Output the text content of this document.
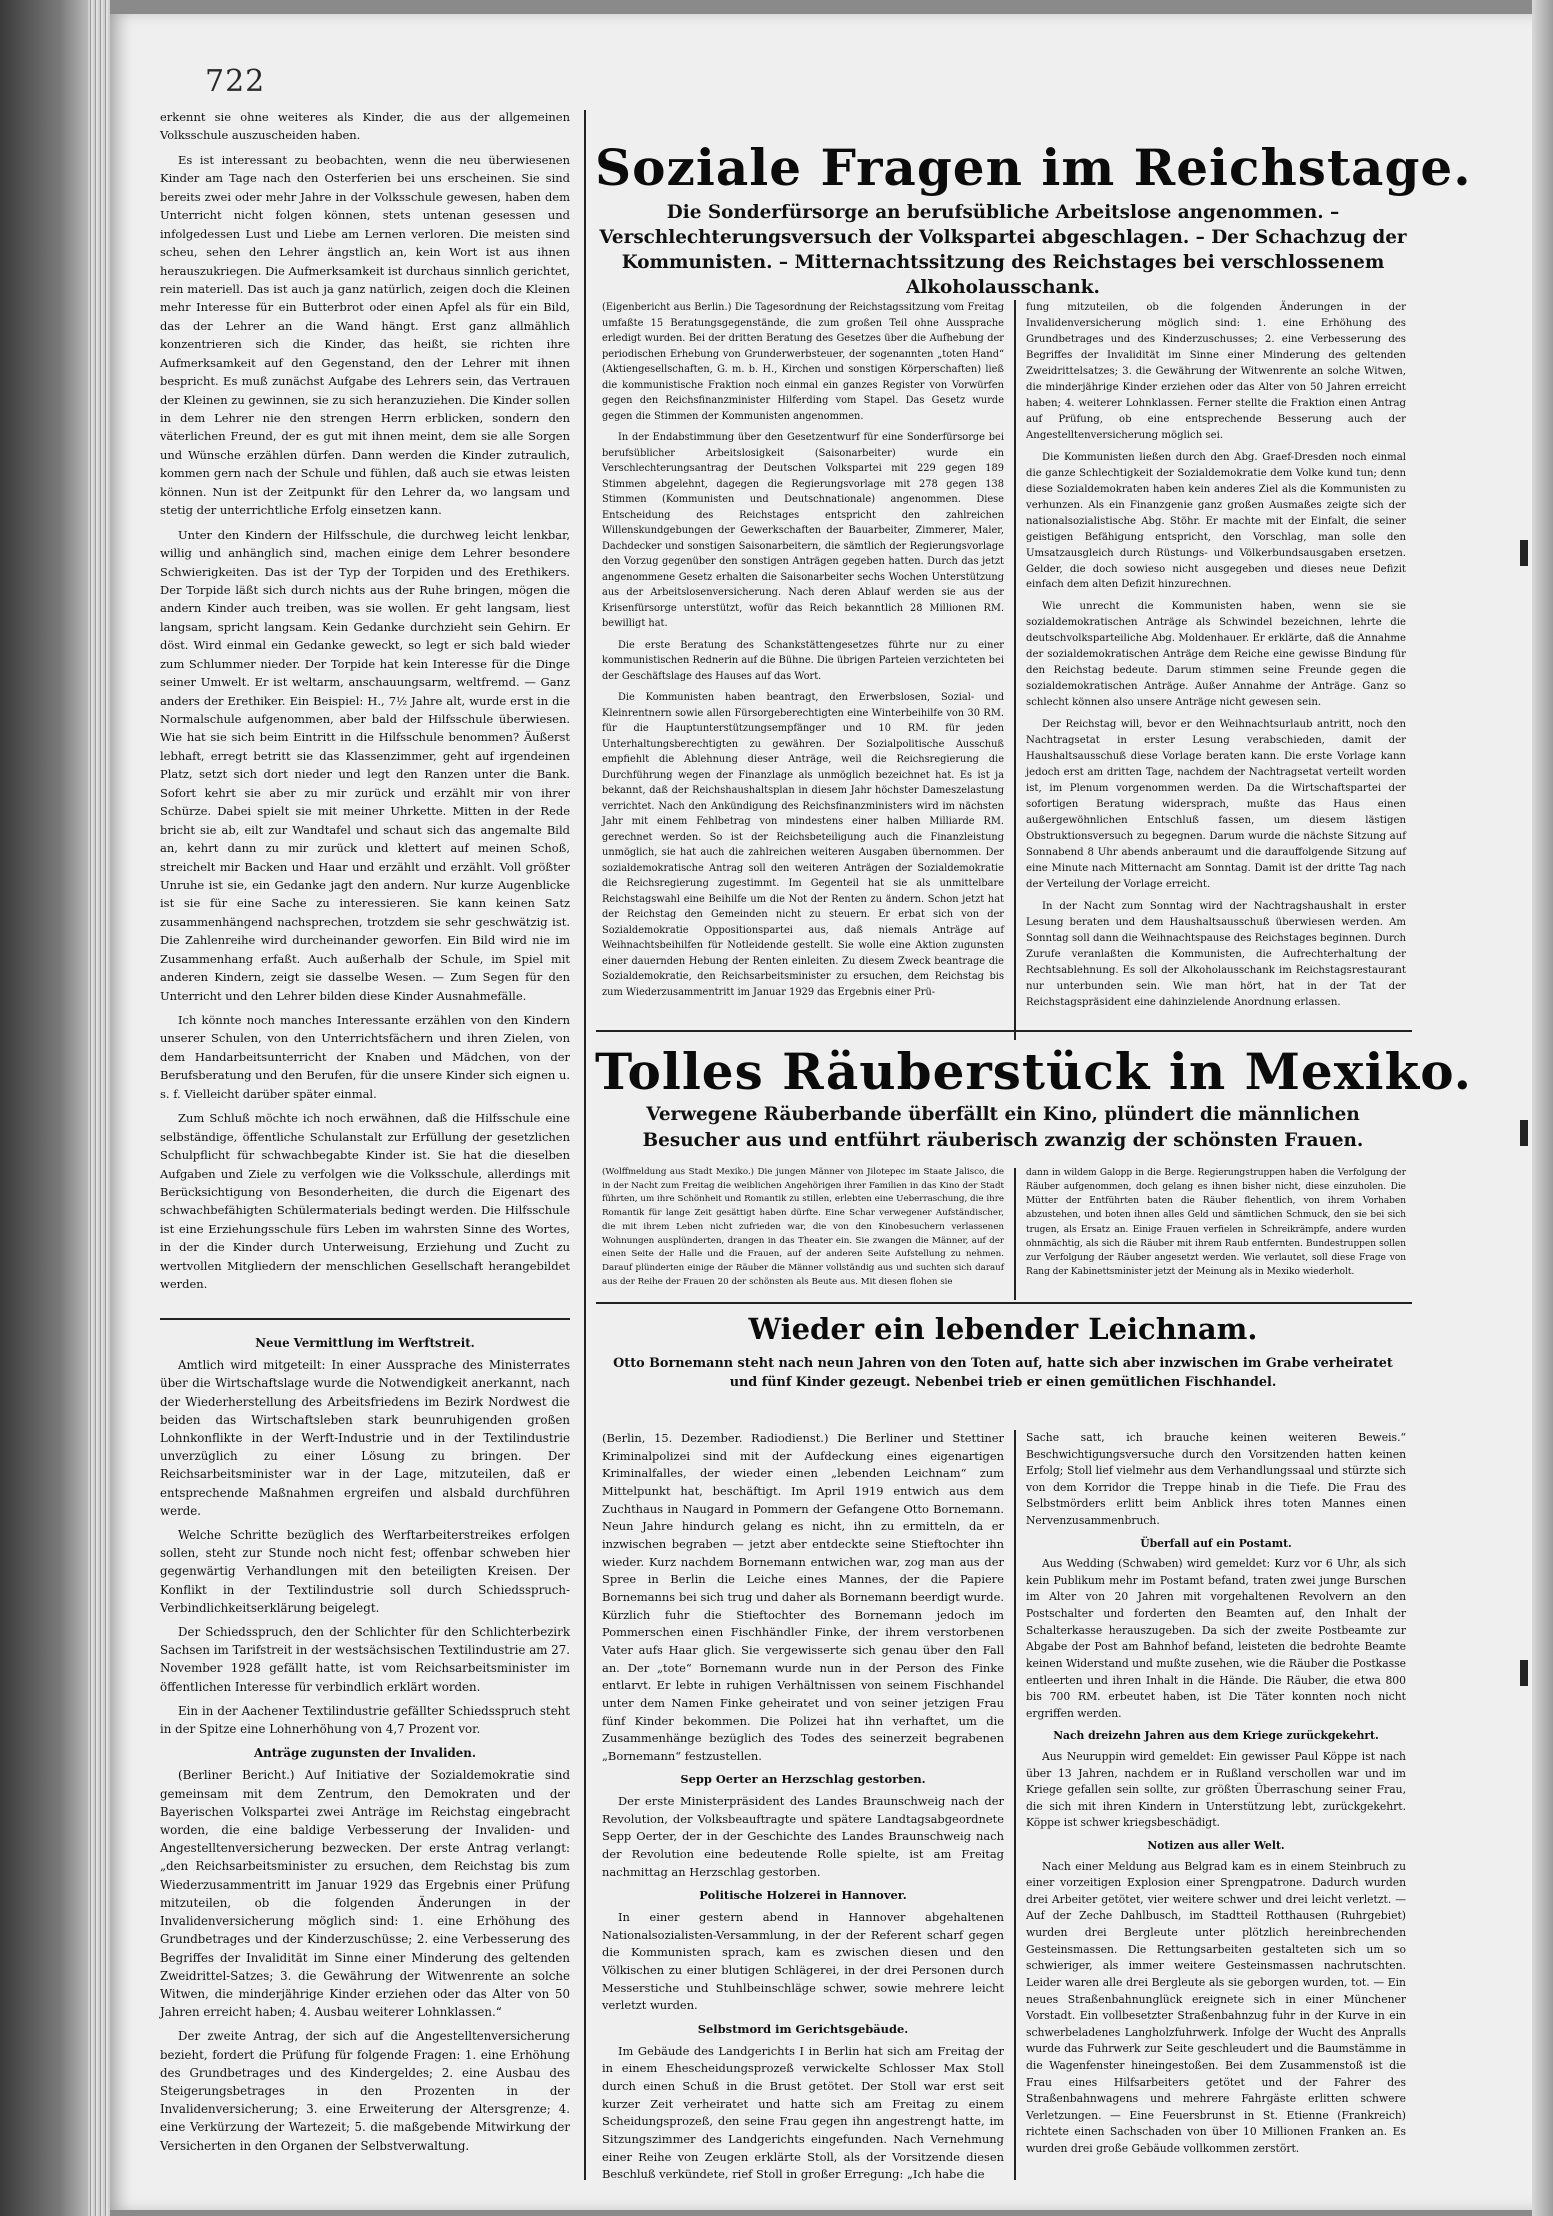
722

erkennt sie ohne weiteres als Kinder, die aus der allgemeinen Volksschule auszuscheiden haben.

Es ist interessant zu beobachten, wenn die neu überwiesenen Kinder am Tage nach den Osterferien bei uns erscheinen. Sie sind bereits zwei oder mehr Jahre in der Volksschule gewesen, haben dem Unterricht nicht folgen können, stets untenan gesessen und infolgedessen Lust und Liebe am Lernen verloren. Die meisten sind scheu, sehen den Lehrer ängstlich an, kein Wort ist aus ihnen herauszukriegen. Die Aufmerksamkeit ist durchaus sinnlich gerichtet, rein materiell. Das ist auch ja ganz natürlich, zeigen doch die Kleinen mehr Interesse für ein Butterbrot oder einen Apfel als für ein Bild, das der Lehrer an die Wand hängt. Erst ganz allmählich konzentrieren sich die Kinder, das heißt, sie richten ihre Aufmerksamkeit auf den Gegenstand, den der Lehrer mit ihnen bespricht. Es muß zunächst Aufgabe des Lehrers sein, das Vertrauen der Kleinen zu gewinnen, sie zu sich heranzuziehen. Die Kinder sollen in dem Lehrer nie den strengen Herrn erblicken, sondern den väterlichen Freund, der es gut mit ihnen meint, dem sie alle Sorgen und Wünsche erzählen dürfen. Dann werden die Kinder zutraulich, kommen gern nach der Schule und fühlen, daß auch sie etwas leisten können. Nun ist der Zeitpunkt für den Lehrer da, wo langsam und stetig der unterrichtliche Erfolg einsetzen kann.

Unter den Kindern der Hilfsschule, die durchweg leicht lenkbar, willig und anhänglich sind, machen einige dem Lehrer besondere Schwierigkeiten. Das ist der Typ der Torpiden und des Erethikers. Der Torpide läßt sich durch nichts aus der Ruhe bringen, mögen die andern Kinder auch treiben, was sie wollen. Er geht langsam, liest langsam, spricht langsam. Kein Gedanke durchzieht sein Gehirn. Er döst. Wird einmal ein Gedanke geweckt, so legt er sich bald wieder zum Schlummer nieder. Der Torpide hat kein Interesse für die Dinge seiner Umwelt. Er ist weltarm, anschauungsarm, weltfremd. — Ganz anders der Erethiker. Ein Beispiel: H., 7½ Jahre alt, wurde erst in die Normalschule aufgenommen, aber bald der Hilfsschule überwiesen. Wie hat sie sich beim Eintritt in die Hilfsschule benommen? Äußerst lebhaft, erregt betritt sie das Klassenzimmer, geht auf irgendeinen Platz, setzt sich dort nieder und legt den Ranzen unter die Bank. Sofort kehrt sie aber zu mir zurück und erzählt mir von ihrer Schürze. Dabei spielt sie mit meiner Uhrkette. Mitten in der Rede bricht sie ab, eilt zur Wandtafel und schaut sich das angemalte Bild an, kehrt dann zu mir zurück und klettert auf meinen Schoß, streichelt mir Backen und Haar und erzählt und erzählt. Voll größter Unruhe ist sie, ein Gedanke jagt den andern. Nur kurze Augenblicke ist sie für eine Sache zu interessieren. Sie kann keinen Satz zusammenhängend nachsprechen, trotzdem sie sehr geschwätzig ist. Die Zahlenreihe wird durcheinander geworfen. Ein Bild wird nie im Zusammenhang erfaßt. Auch außerhalb der Schule, im Spiel mit anderen Kindern, zeigt sie dasselbe Wesen. — Zum Segen für den Unterricht und den Lehrer bilden diese Kinder Ausnahmefälle.

Ich könnte noch manches Interessante erzählen von den Kindern unserer Schulen, von den Unterrichtsfächern und ihren Zielen, von dem Handarbeitsunterricht der Knaben und Mädchen, von der Berufsberatung und den Berufen, für die unsere Kinder sich eignen u. s. f. Vielleicht darüber später einmal.

Zum Schluß möchte ich noch erwähnen, daß die Hilfsschule eine selbständige, öffentliche Schulanstalt zur Erfüllung der gesetzlichen Schulpflicht für schwachbegabte Kinder ist. Sie hat die dieselben Aufgaben und Ziele zu verfolgen wie die Volksschule, allerdings mit Berücksichtigung von Besonderheiten, die durch die Eigenart des schwachbefähigten Schülermaterials bedingt werden. Die Hilfsschule ist eine Erziehungsschule fürs Leben im wahrsten Sinne des Wortes, in der die Kinder durch Unterweisung, Erziehung und Zucht zu wertvollen Mitgliedern der menschlichen Gesellschaft herangebildet werden.

Neue Vermittlung im Werftstreit.

Amtlich wird mitgeteilt: In einer Aussprache des Ministerrates über die Wirtschaftslage wurde die Notwendigkeit anerkannt, nach der Wiederherstellung des Arbeitsfriedens im Bezirk Nordwest die beiden das Wirtschaftsleben stark beunruhigenden großen Lohnkonflikte in der Werft-Industrie und in der Textilindustrie unverzüglich zu einer Lösung zu bringen. Der Reichsarbeitsminister war in der Lage, mitzuteilen, daß er entsprechende Maßnahmen ergreifen und alsbald durchführen werde.

Welche Schritte bezüglich des Werftarbeiterstreikes erfolgen sollen, steht zur Stunde noch nicht fest; offenbar schweben hier gegenwärtig Verhandlungen mit den beteiligten Kreisen. Der Konflikt in der Textilindustrie soll durch Schiedsspruch-Verbindlichkeitserklärung beigelegt.

Der Schiedsspruch, den der Schlichter für den Schlichterbezirk Sachsen im Tarifstreit in der westsächsischen Textilindustrie am 27. November 1928 gefällt hatte, ist vom Reichsarbeitsminister im öffentlichen Interesse für verbindlich erklärt worden.

Ein in der Aachener Textilindustrie gefällter Schiedsspruch steht in der Spitze eine Lohnerhöhung von 4,7 Prozent vor.

Anträge zugunsten der Invaliden.

(Berliner Bericht.) Auf Initiative der Sozialdemokratie sind gemeinsam mit dem Zentrum, den Demokraten und der Bayerischen Volkspartei zwei Anträge im Reichstag eingebracht worden, die eine baldige Verbesserung der Invaliden- und Angestelltenversicherung bezwecken. Der erste Antrag verlangt: „den Reichsarbeitsminister zu ersuchen, dem Reichstag bis zum Wiederzusammentritt im Januar 1929 das Ergebnis einer Prüfung mitzuteilen, ob die folgenden Änderungen in der Invalidenversicherung möglich sind: 1. eine Erhöhung des Grundbetrages und der Kinderzuschüsse; 2. eine Verbesserung des Begriffes der Invalidität im Sinne einer Minderung des geltenden Zweidrittel-Satzes; 3. die Gewährung der Witwenrente an solche Witwen, die minderjährige Kinder erziehen oder das Alter von 50 Jahren erreicht haben; 4. Ausbau weiterer Lohnklassen.“

Der zweite Antrag, der sich auf die Angestelltenversicherung bezieht, fordert die Prüfung für folgende Fragen: 1. eine Erhöhung des Grundbetrages und des Kindergeldes; 2. eine Ausbau des Steigerungsbetrages in den Prozenten in der Invalidenversicherung; 3. eine Erweiterung der Altersgrenze; 4. eine Verkürzung der Wartezeit; 5. die maßgebende Mitwirkung der Versicherten in den Organen der Selbstverwaltung.

Soziale Fragen im Reichstage.
Die Sonderfürsorge an berufsübliche Arbeitslose angenommen. – Verschlechterungsversuch der Volkspartei abgeschlagen. – Der Schachzug der Kommunisten. – Mitternachtssitzung des Reichstages bei verschlossenem Alkoholausschank.

(Eigenbericht aus Berlin.) Die Tagesordnung der Reichstagssitzung vom Freitag umfaßte 15 Beratungsgegenstände, die zum großen Teil ohne Aussprache erledigt wurden. Bei der dritten Beratung des Gesetzes über die Aufhebung der periodischen Erhebung von Grunderwerbsteuer, der sogenannten „toten Hand“ (Aktiengesellschaften, G. m. b. H., Kirchen und sonstigen Körperschaften) ließ die kommunistische Fraktion noch einmal ein ganzes Register von Vorwürfen gegen den Reichsfinanzminister Hilferding vom Stapel. Das Gesetz wurde gegen die Stimmen der Kommunisten angenommen.

In der Endabstimmung über den Gesetzentwurf für eine Sonderfürsorge bei berufsüblicher Arbeitslosigkeit (Saisonarbeiter) wurde ein Verschlechterungsantrag der Deutschen Volkspartei mit 229 gegen 189 Stimmen abgelehnt, dagegen die Regierungsvorlage mit 278 gegen 138 Stimmen (Kommunisten und Deutschnationale) angenommen. Diese Entscheidung des Reichstages entspricht den zahlreichen Willenskundgebungen der Gewerkschaften der Bauarbeiter, Zimmerer, Maler, Dachdecker und sonstigen Saisonarbeitern, die sämtlich der Regierungsvorlage den Vorzug gegenüber den sonstigen Anträgen gegeben hatten. Durch das jetzt angenommene Gesetz erhalten die Saisonarbeiter sechs Wochen Unterstützung aus der Arbeitslosenversicherung. Nach deren Ablauf werden sie aus der Krisenfürsorge unterstützt, wofür das Reich bekanntlich 28 Millionen RM. bewilligt hat.

Die erste Beratung des Schankstättengesetzes führte nur zu einer kommunistischen Rednerin auf die Bühne. Die übrigen Parteien verzichteten bei der Geschäftslage des Hauses auf das Wort.

Die Kommunisten haben beantragt, den Erwerbslosen, Sozial- und Kleinrentnern sowie allen Fürsorgeberechtigten eine Winterbeihilfe von 30 RM. für die Hauptunterstützungsempfänger und 10 RM. für jeden Unterhaltungsberechtigten zu gewähren. Der Sozialpolitische Ausschuß empfiehlt die Ablehnung dieser Anträge, weil die Reichsregierung die Durchführung wegen der Finanzlage als unmöglich bezeichnet hat. Es ist ja bekannt, daß der Reichshaushaltsplan in diesem Jahr höchster Dameszelastung verrichtet. Nach den Ankündigung des Reichsfinanzministers wird im nächsten Jahr mit einem Fehlbetrag von mindestens einer halben Milliarde RM. gerechnet werden. So ist der Reichsbeteiligung auch die Finanzleistung unmöglich, sie hat auch die zahlreichen weiteren Ausgaben übernommen. Der sozialdemokratische Antrag soll den weiteren Anträgen der Sozialdemokratie die Reichsregierung zugestimmt. Im Gegenteil hat sie als unmittelbare Reichstagswahl eine Beihilfe um die Not der Renten zu ändern. Schon jetzt hat der Reichstag den Gemeinden nicht zu steuern. Er erbat sich von der Sozialdemokratie Oppositionspartei aus, daß niemals Anträge auf Weihnachtsbeihilfen für Notleidende gestellt. Sie wolle eine Aktion zugunsten einer dauernden Hebung der Renten einleiten. Zu diesem Zweck beantrage die Sozialdemokratie, den Reichsarbeitsminister zu ersuchen, dem Reichstag bis zum Wiederzusammentritt im Januar 1929 das Ergebnis einer Prü-

fung mitzuteilen, ob die folgenden Änderungen in der Invalidenversicherung möglich sind: 1. eine Erhöhung des Grundbetrages und des Kinderzuschusses; 2. eine Verbesserung des Begriffes der Invalidität im Sinne einer Minderung des geltenden Zweidrittelsatzes; 3. die Gewährung der Witwenrente an solche Witwen, die minderjährige Kinder erziehen oder das Alter von 50 Jahren erreicht haben; 4. weiterer Lohnklassen. Ferner stellte die Fraktion einen Antrag auf Prüfung, ob eine entsprechende Besserung auch der Angestelltenversicherung möglich sei.

Die Kommunisten ließen durch den Abg. Graef-Dresden noch einmal die ganze Schlechtigkeit der Sozialdemokratie dem Volke kund tun; denn diese Sozialdemokraten haben kein anderes Ziel als die Kommunisten zu verhunzen. Als ein Finanzgenie ganz großen Ausmaßes zeigte sich der nationalsozialistische Abg. Stöhr. Er machte mit der Einfalt, die seiner geistigen Befähigung entspricht, den Vorschlag, man solle den Umsatzausgleich durch Rüstungs- und Völkerbundsausgaben ersetzen. Gelder, die doch sowieso nicht ausgegeben und dieses neue Defizit einfach dem alten Defizit hinzurechnen.

Wie unrecht die Kommunisten haben, wenn sie sie sozialdemokratischen Anträge als Schwindel bezeichnen, lehrte die deutschvolksparteiliche Abg. Moldenhauer. Er erklärte, daß die Annahme der sozialdemokratischen Anträge dem Reiche eine gewisse Bindung für den Reichstag bedeute. Darum stimmen seine Freunde gegen die sozialdemokratischen Anträge. Außer Annahme der Anträge. Ganz so schlecht können also unsere Anträge nicht gewesen sein.

Der Reichstag will, bevor er den Weihnachtsurlaub antritt, noch den Nachtragsetat in erster Lesung verabschieden, damit der Haushaltsausschuß diese Vorlage beraten kann. Die erste Vorlage kann jedoch erst am dritten Tage, nachdem der Nachtragsetat verteilt worden ist, im Plenum vorgenommen werden. Da die Wirtschaftspartei der sofortigen Beratung widersprach, mußte das Haus einen außergewöhnlichen Entschluß fassen, um diesem lästigen Obstruktionsversuch zu begegnen. Darum wurde die nächste Sitzung auf Sonnabend 8 Uhr abends anberaumt und die darauffolgende Sitzung auf eine Minute nach Mitternacht am Sonntag. Damit ist der dritte Tag nach der Verteilung der Vorlage erreicht.

In der Nacht zum Sonntag wird der Nachtragshaushalt in erster Lesung beraten und dem Haushaltsausschuß überwiesen werden. Am Sonntag soll dann die Weihnachtspause des Reichstages beginnen. Durch Zurufe veranlaßten die Kommunisten, die Aufrechterhaltung der Rechtsablehnung. Es soll der Alkoholausschank im Reichstagsrestaurant nur unterbunden sein. Wie man hört, hat in der Tat der Reichstagspräsident eine dahinzielende Anordnung erlassen.

Tolles Räuberstück in Mexiko.
Verwegene Räuberbande überfällt ein Kino, plündert die männlichen Besucher aus und entführt räuberisch zwanzig der schönsten Frauen.

(Wolffmeldung aus Stadt Mexiko.) Die jungen Männer von Jilotepec im Staate Jalisco, die in der Nacht zum Freitag die weiblichen Angehörigen ihrer Familien in das Kino der Stadt führten, um ihre Schönheit und Romantik zu stillen, erlebten eine Ueberraschung, die ihre Romantik für lange Zeit gesättigt haben dürfte. Eine Schar verwegener Aufständischer, die mit ihrem Leben nicht zufrieden war, die von den Kinobesuchern verlassenen Wohnungen ausplünderten, drangen in das Theater ein. Sie zwangen die Männer, auf der einen Seite der Halle und die Frauen, auf der anderen Seite Aufstellung zu nehmen. Darauf plünderten einige der Räuber die Männer vollständig aus und suchten sich darauf aus der Reihe der Frauen 20 der schönsten als Beute aus. Mit diesen flohen sie

dann in wildem Galopp in die Berge. Regierungstruppen haben die Verfolgung der Räuber aufgenommen, doch gelang es ihnen bisher nicht, diese einzuholen. Die Mütter der Entführten baten die Räuber flehentlich, von ihrem Vorhaben abzustehen, und boten ihnen alles Geld und sämtlichen Schmuck, den sie bei sich trugen, als Ersatz an. Einige Frauen verfielen in Schreikrämpfe, andere wurden ohnmächtig, als sich die Räuber mit ihrem Raub entfernten. Bundestruppen sollen zur Verfolgung der Räuber angesetzt werden. Wie verlautet, soll diese Frage von Rang der Kabinettsminister jetzt der Meinung als in Mexiko wiederholt.

Wieder ein lebender Leichnam.
Otto Bornemann steht nach neun Jahren von den Toten auf, hatte sich aber inzwischen im Grabe verheiratet und fünf Kinder gezeugt. Nebenbei trieb er einen gemütlichen Fischhandel.

(Berlin, 15. Dezember. Radiodienst.) Die Berliner und Stettiner Kriminalpolizei sind mit der Aufdeckung eines eigenartigen Kriminalfalles, der wieder einen „lebenden Leichnam“ zum Mittelpunkt hat, beschäftigt. Im April 1919 entwich aus dem Zuchthaus in Naugard in Pommern der Gefangene Otto Bornemann. Neun Jahre hindurch gelang es nicht, ihn zu ermitteln, da er inzwischen begraben — jetzt aber entdeckte seine Stieftochter ihn wieder. Kurz nachdem Bornemann entwichen war, zog man aus der Spree in Berlin die Leiche eines Mannes, der die Papiere Bornemanns bei sich trug und daher als Bornemann beerdigt wurde. Kürzlich fuhr die Stieftochter des Bornemann jedoch im Pommerschen einen Fischhändler Finke, der ihrem verstorbenen Vater aufs Haar glich. Sie vergewisserte sich genau über den Fall an. Der „tote“ Bornemann wurde nun in der Person des Finke entlarvt. Er lebte in ruhigen Verhältnissen von seinem Fischhandel unter dem Namen Finke geheiratet und von seiner jetzigen Frau fünf Kinder bekommen. Die Polizei hat ihn verhaftet, um die Zusammenhänge bezüglich des Todes des seinerzeit begrabenen „Bornemann“ festzustellen.

Sepp Oerter an Herzschlag gestorben.

Der erste Ministerpräsident des Landes Braunschweig nach der Revolution, der Volksbeauftragte und spätere Landtagsabgeordnete Sepp Oerter, der in der Geschichte des Landes Braunschweig nach der Revolution eine bedeutende Rolle spielte, ist am Freitag nachmittag an Herzschlag gestorben.

Politische Holzerei in Hannover.

In einer gestern abend in Hannover abgehaltenen Nationalsozialisten-Versammlung, in der der Referent scharf gegen die Kommunisten sprach, kam es zwischen diesen und den Völkischen zu einer blutigen Schlägerei, in der drei Personen durch Messerstiche und Stuhlbeinschläge schwer, sowie mehrere leicht verletzt wurden.

Selbstmord im Gerichtsgebäude.

Im Gebäude des Landgerichts I in Berlin hat sich am Freitag der in einem Ehescheidungsprozeß verwickelte Schlosser Max Stoll durch einen Schuß in die Brust getötet. Der Stoll war erst seit kurzer Zeit verheiratet und hatte sich am Freitag zu einem Scheidungsprozeß, den seine Frau gegen ihn angestrengt hatte, im Sitzungszimmer des Landgerichts eingefunden. Nach Vernehmung einer Reihe von Zeugen erklärte Stoll, als der Vorsitzende diesen Beschluß verkündete, rief Stoll in großer Erregung: „Ich habe die

Sache satt, ich brauche keinen weiteren Beweis.“ Beschwichtigungsversuche durch den Vorsitzenden hatten keinen Erfolg; Stoll lief vielmehr aus dem Verhandlungssaal und stürzte sich von dem Korridor die Treppe hinab in die Tiefe. Die Frau des Selbstmörders erlitt beim Anblick ihres toten Mannes einen Nervenzusammenbruch.

Überfall auf ein Postamt.

Aus Wedding (Schwaben) wird gemeldet: Kurz vor 6 Uhr, als sich kein Publikum mehr im Postamt befand, traten zwei junge Burschen im Alter von 20 Jahren mit vorgehaltenen Revolvern an den Postschalter und forderten den Beamten auf, den Inhalt der Schalterkasse herauszugeben. Da sich der zweite Postbeamte zur Abgabe der Post am Bahnhof befand, leisteten die bedrohte Beamte keinen Widerstand und mußte zusehen, wie die Räuber die Postkasse entleerten und ihren Inhalt in die Hände. Die Räuber, die etwa 800 bis 700 RM. erbeutet haben, ist Die Täter konnten noch nicht ergriffen werden.

Nach dreizehn Jahren aus dem Kriege zurückgekehrt.

Aus Neuruppin wird gemeldet: Ein gewisser Paul Köppe ist nach über 13 Jahren, nachdem er in Rußland verschollen war und im Kriege gefallen sein sollte, zur größten Überraschung seiner Frau, die sich mit ihren Kindern in Unterstützung lebt, zurückgekehrt. Köppe ist schwer kriegsbeschädigt.

Notizen aus aller Welt.

Nach einer Meldung aus Belgrad kam es in einem Steinbruch zu einer vorzeitigen Explosion einer Sprengpatrone. Dadurch wurden drei Arbeiter getötet, vier weitere schwer und drei leicht verletzt. — Auf der Zeche Dahlbusch, im Stadtteil Rotthausen (Ruhrgebiet) wurden drei Bergleute unter plötzlich hereinbrechenden Gesteinsmassen. Die Rettungsarbeiten gestalteten sich um so schwieriger, als immer weitere Gesteinsmassen nachrutschten. Leider waren alle drei Bergleute als sie geborgen wurden, tot. — Ein neues Straßenbahnunglück ereignete sich in einer Münchener Vorstadt. Ein vollbesetzter Straßenbahnzug fuhr in der Kurve in ein schwerbeladenes Langholzfuhrwerk. Infolge der Wucht des Anpralls wurde das Fuhrwerk zur Seite geschleudert und die Baumstämme in die Wagenfenster hineingestoßen. Bei dem Zusammenstoß ist die Frau eines Hilfsarbeiters getötet und der Fahrer des Straßenbahnwagens und mehrere Fahrgäste erlitten schwere Verletzungen. — Eine Feuersbrunst in St. Etienne (Frankreich) richtete einen Sachschaden von über 10 Millionen Franken an. Es wurden drei große Gebäude vollkommen zerstört.
